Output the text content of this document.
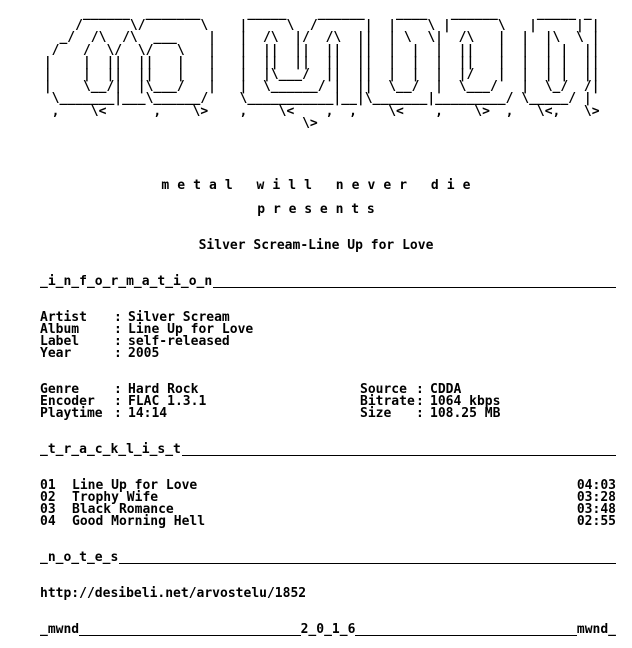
______  _______      _____    ______    ____   ______     _____ _
/      \/       \    |     \  /      |  |    \ |      \   |     | |
_/  /\  /\  ___    |   |  /\  |/  /\  ||  | \  \|  /\   |  |  |\  \ |
/   /  \/  \/   \   |   |  ||  ||  ||  ||  |  |  |  ||   |  |  | |  ||
|    |  ||  ||   |   |   |  ||  ||  ||  ||  |  |  |  ||   |  |  | |  ||
|    |  ||  ||   |   |   |  |\___/  ||  ||  |  |  |  |/   |  |  | |  ||
|    \__/|  |\___/   |   |  \______/ |  ||  \__/  |  \___/   |  \_/  /|
\_______|___\______/    \___________|__|\_______|_________/ \_____/ |
,    \<      ,    \>    ,    \<    ,  ,    \<    ,    \>  ,   \<,   \>
\>
m e t a l   w i l l   n e v e r   d i e
p r e s e n t s
Silver Scream-Line Up for Love
_i_n_f_o_r_m_a_t_i_o_n
Artist	: Silver Scream
Album	: Line Up for Love
Label	: self-released
Year	: 2005
Genre	: Hard Rock	Source : CDDA
Encoder	: FLAC 1.3.1	Bitrate : 1064 kbps
Playtime : 14:14	Size	: 108.25 MB
_t_r_a_c_k_l_i_s_t
01	Line Up for Love	04:03
02	Trophy Wife	03:28
03	Black Romance	03:48
04	Good Morning Hell	02:55
_n_o_t_e_s
http://desibeli.net/arvostelu/1852
_mwnd	2_0_1_6	mwnd_
